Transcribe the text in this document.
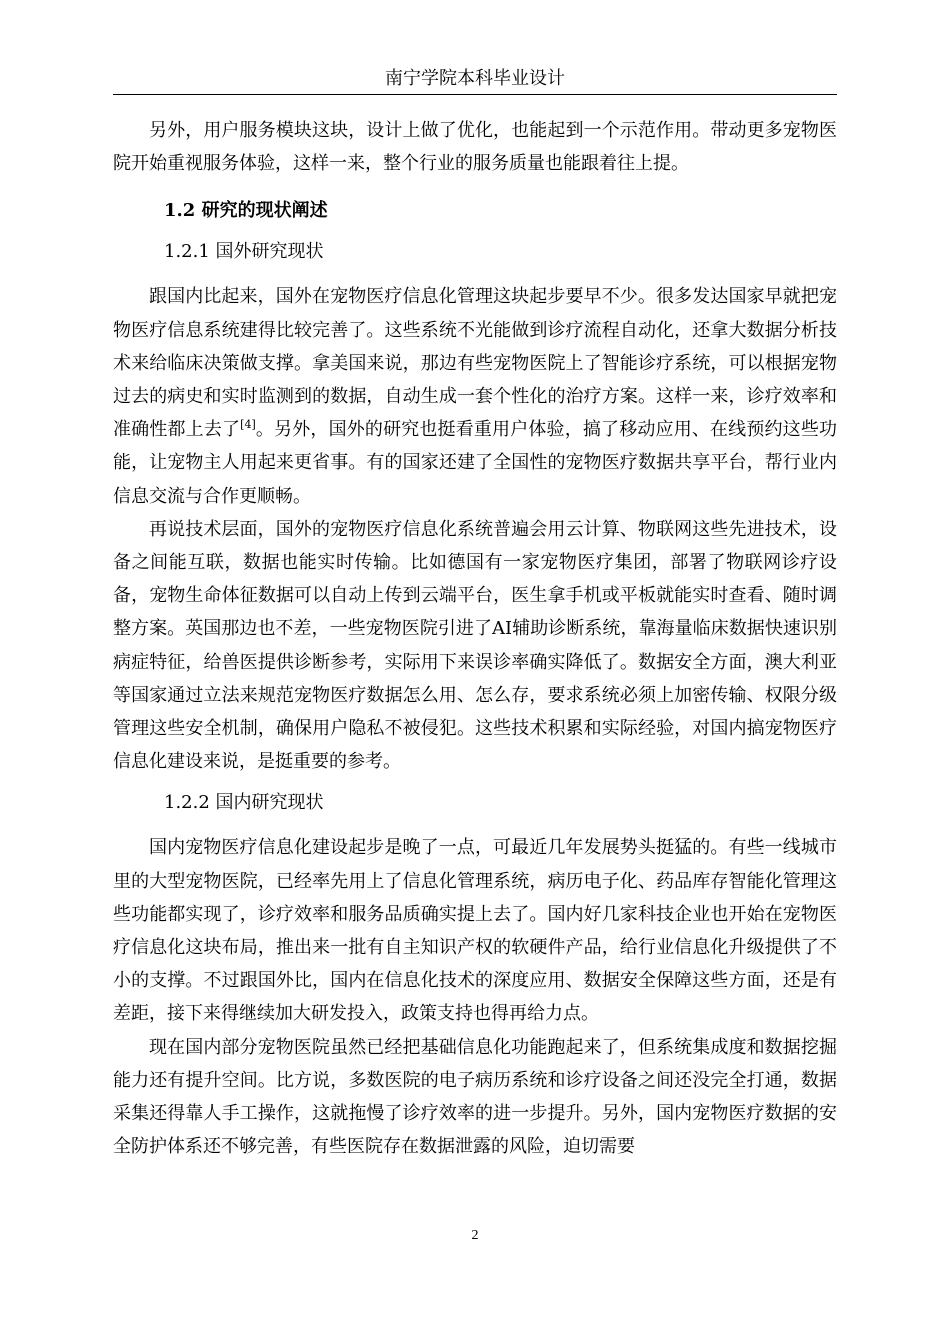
南宁学院本科毕业设计

另外，用户服务模块这块，设计上做了优化，也能起到一个示范作用。带动更多宠物医院开始重视服务体验，这样一来，整个行业的服务质量也能跟着往上提。

1.2 研究的现状阐述
1.2.1 国外研究现状

跟国内比起来，国外在宠物医疗信息化管理这块起步要早不少。很多发达国家早就把宠物医疗信息系统建得比较完善了。这些系统不光能做到诊疗流程自动化，还拿大数据分析技术来给临床决策做支撑。拿美国来说，那边有些宠物医院上了智能诊疗系统，可以根据宠物过去的病史和实时监测到的数据，自动生成一套个性化的治疗方案。这样一来，诊疗效率和准确性都上去了[4]。另外，国外的研究也挺看重用户体验，搞了移动应用、在线预约这些功能，让宠物主人用起来更省事。有的国家还建了全国性的宠物医疗数据共享平台，帮行业内信息交流与合作更顺畅。

再说技术层面，国外的宠物医疗信息化系统普遍会用云计算、物联网这些先进技术，设备之间能互联，数据也能实时传输。比如德国有一家宠物医疗集团，部署了物联网诊疗设备，宠物生命体征数据可以自动上传到云端平台，医生拿手机或平板就能实时查看、随时调整方案。英国那边也不差，一些宠物医院引进了AI辅助诊断系统，靠海量临床数据快速识别病症特征，给兽医提供诊断参考，实际用下来误诊率确实降低了。数据安全方面，澳大利亚等国家通过立法来规范宠物医疗数据怎么用、怎么存，要求系统必须上加密传输、权限分级管理这些安全机制，确保用户隐私不被侵犯。这些技术积累和实际经验，对国内搞宠物医疗信息化建设来说，是挺重要的参考。

1.2.2 国内研究现状

国内宠物医疗信息化建设起步是晚了一点，可最近几年发展势头挺猛的。有些一线城市里的大型宠物医院，已经率先用上了信息化管理系统，病历电子化、药品库存智能化管理这些功能都实现了，诊疗效率和服务品质确实提上去了。国内好几家科技企业也开始在宠物医疗信息化这块布局，推出来一批有自主知识产权的软硬件产品，给行业信息化升级提供了不小的支撑。不过跟国外比，国内在信息化技术的深度应用、数据安全保障这些方面，还是有差距，接下来得继续加大研发投入，政策支持也得再给力点。

现在国内部分宠物医院虽然已经把基础信息化功能跑起来了，但系统集成度和数据挖掘能力还有提升空间。比方说，多数医院的电子病历系统和诊疗设备之间还没完全打通，数据采集还得靠人手工操作，这就拖慢了诊疗效率的进一步提升。另外，国内宠物医疗数据的安全防护体系还不够完善，有些医院存在数据泄露的风险，迫切需要

2
